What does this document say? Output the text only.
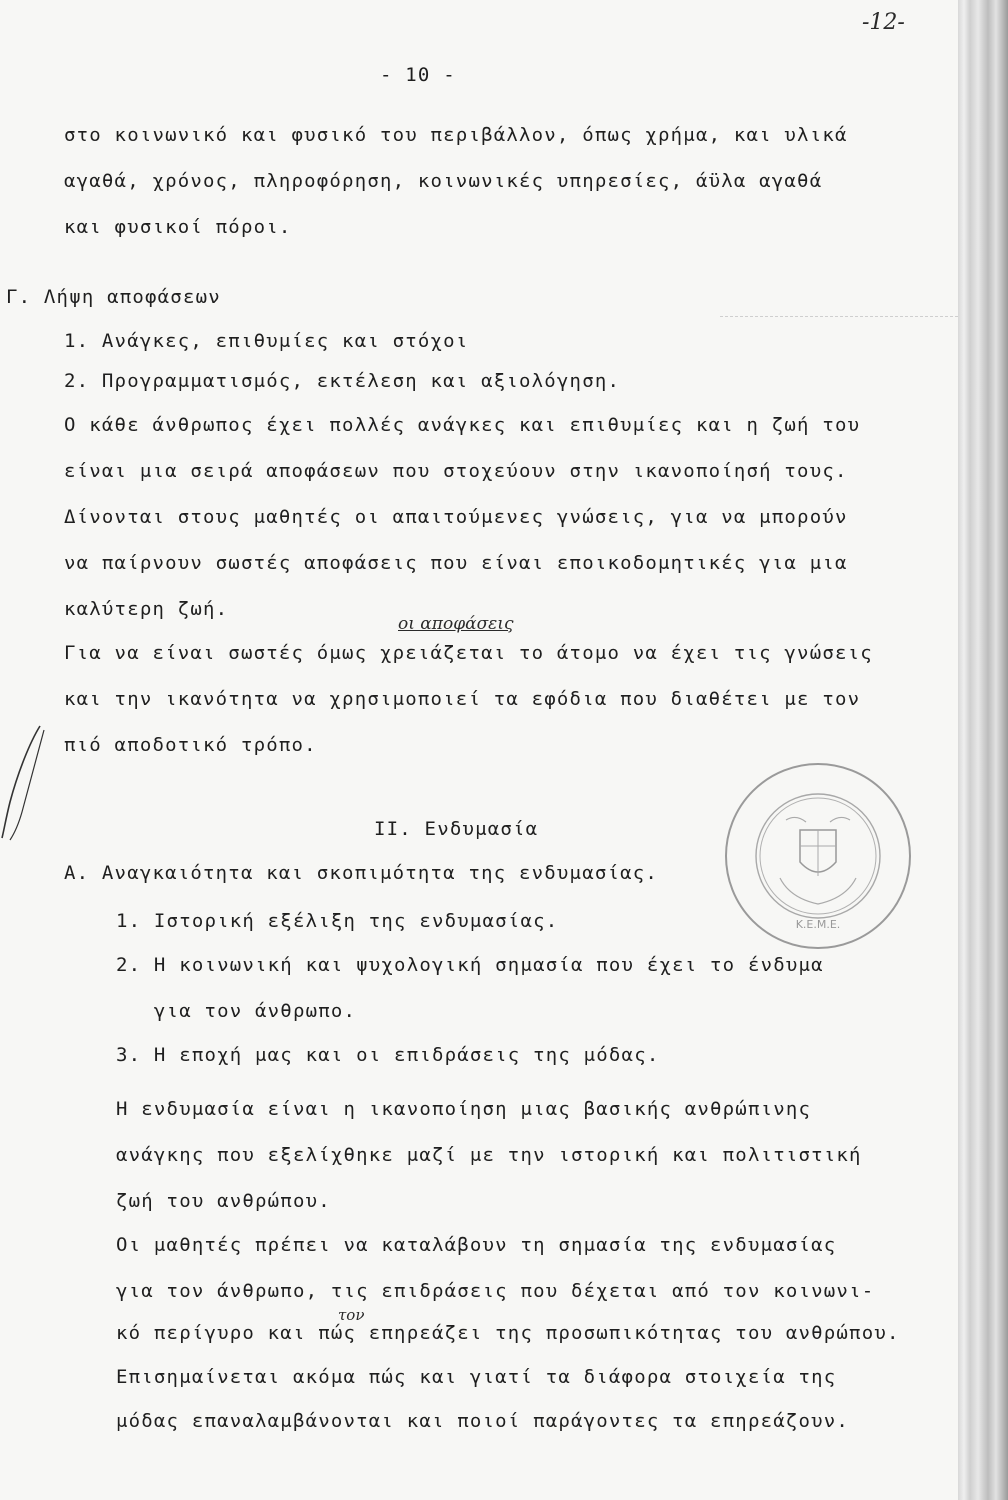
-12-
- 10 -
στο κοινωνικό και φυσικό του περιβάλλον, όπως χρήμα, και υλικά
αγαθά, χρόνος, πληροφόρηση, κοινωνικές υπηρεσίες, άϋλα αγαθά
και φυσικοί πόροι.
Γ. Λήψη αποφάσεων
1. Ανάγκες, επιθυμίες και στόχοι
2. Προγραμματισμός, εκτέλεση και αξιολόγηση.
Ο κάθε άνθρωπος έχει πολλές ανάγκες και επιθυμίες και η ζωή του
είναι μια σειρά αποφάσεων που στοχεύουν στην ικανοποίησή τους.
Δίνονται στους μαθητές οι απαιτούμενες γνώσεις, για να μπορούν
να παίρνουν σωστές αποφάσεις που είναι εποικοδομητικές για μια
καλύτερη ζωή.
οι αποφάσεις
Για να είναι σωστές όμως χρειάζεται το άτομο να έχει τις γνώσεις
και την ικανότητα να χρησιμοποιεί τα εφόδια που διαθέτει με τον
πιό αποδοτικό τρόπο.
ΙΙ. Ενδυμασία
Α. Αναγκαιότητα και σκοπιμότητα της ενδυμασίας.
1. Ιστορική εξέλιξη της ενδυμασίας.
2. Η κοινωνική και ψυχολογική σημασία που έχει το ένδυμα
για τον άνθρωπο.
3. Η εποχή μας και οι επιδράσεις της μόδας.
Η ενδυμασία είναι η ικανοποίηση μιας βασικής ανθρώπινης
ανάγκης που εξελίχθηκε μαζί με την ιστορική και πολιτιστική
ζωή του ανθρώπου.
Οι μαθητές πρέπει να καταλάβουν τη σημασία της ενδυμασίας
για τον άνθρωπο, τις επιδράσεις που δέχεται από τον κοινωνι-
τον
κό περίγυρο και πώς επηρεάζει της προσωπικότητας του ανθρώπου.
Επισημαίνεται ακόμα πώς και γιατί τα διάφορα στοιχεία της
μόδας επαναλαμβάνονται και ποιοί παράγοντες τα επηρεάζουν.
Κ.Ε.Μ.Ε.
